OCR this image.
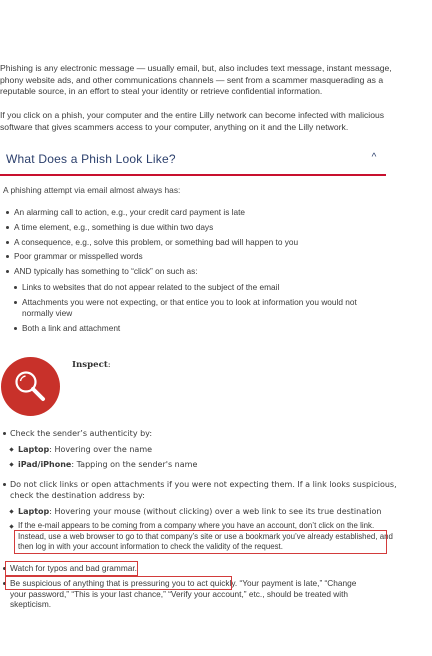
Phishing is any electronic message — usually email, but, also includes text message, instant message, phony website ads, and other communications channels — sent from a scammer masquerading as a reputable source, in an effort to steal your identity or retrieve confidential information.

If you click on a phish, your computer and the entire Lilly network can become infected with malicious software that gives scammers access to your computer, anything on it and the Lilly network.

What Does a Phish Look Like?	^

A phishing attempt via email almost always has:

An alarming call to action, e.g., your credit card payment is late
A time element, e.g., something is due within two days
A consequence, e.g., solve this problem, or something bad will happen to you
Poor grammar or misspelled words
AND typically has something to “click” on such as:
Links to websites that do not appear related to the subject of the email
Attachments you were not expecting, or that entice you to look at information you would not normally view
Both a link and attachment

Inspect:

Check the sender’s authenticity by:
Laptop: Hovering over the name
iPad/iPhone: Tapping on the sender's name
Do not click links or open attachments if you were not expecting them. If a link looks suspicious, check the destination address by:
Laptop: Hovering your mouse (without clicking) over a web link to see its true destination
If the e-mail appears to be coming from a company where you have an account, don’t click on the link.
Instead, use a web browser to go to that company’s site or use a bookmark you’ve already established, and then log in with your account information to check the validity of the request.
Watch for typos and bad grammar.
Be suspicious of anything that is pressuring you to act quickly. “Your payment is late,” “Change your password,” “This is your last chance,” “Verify your account,” etc., should be treated with skepticism.
